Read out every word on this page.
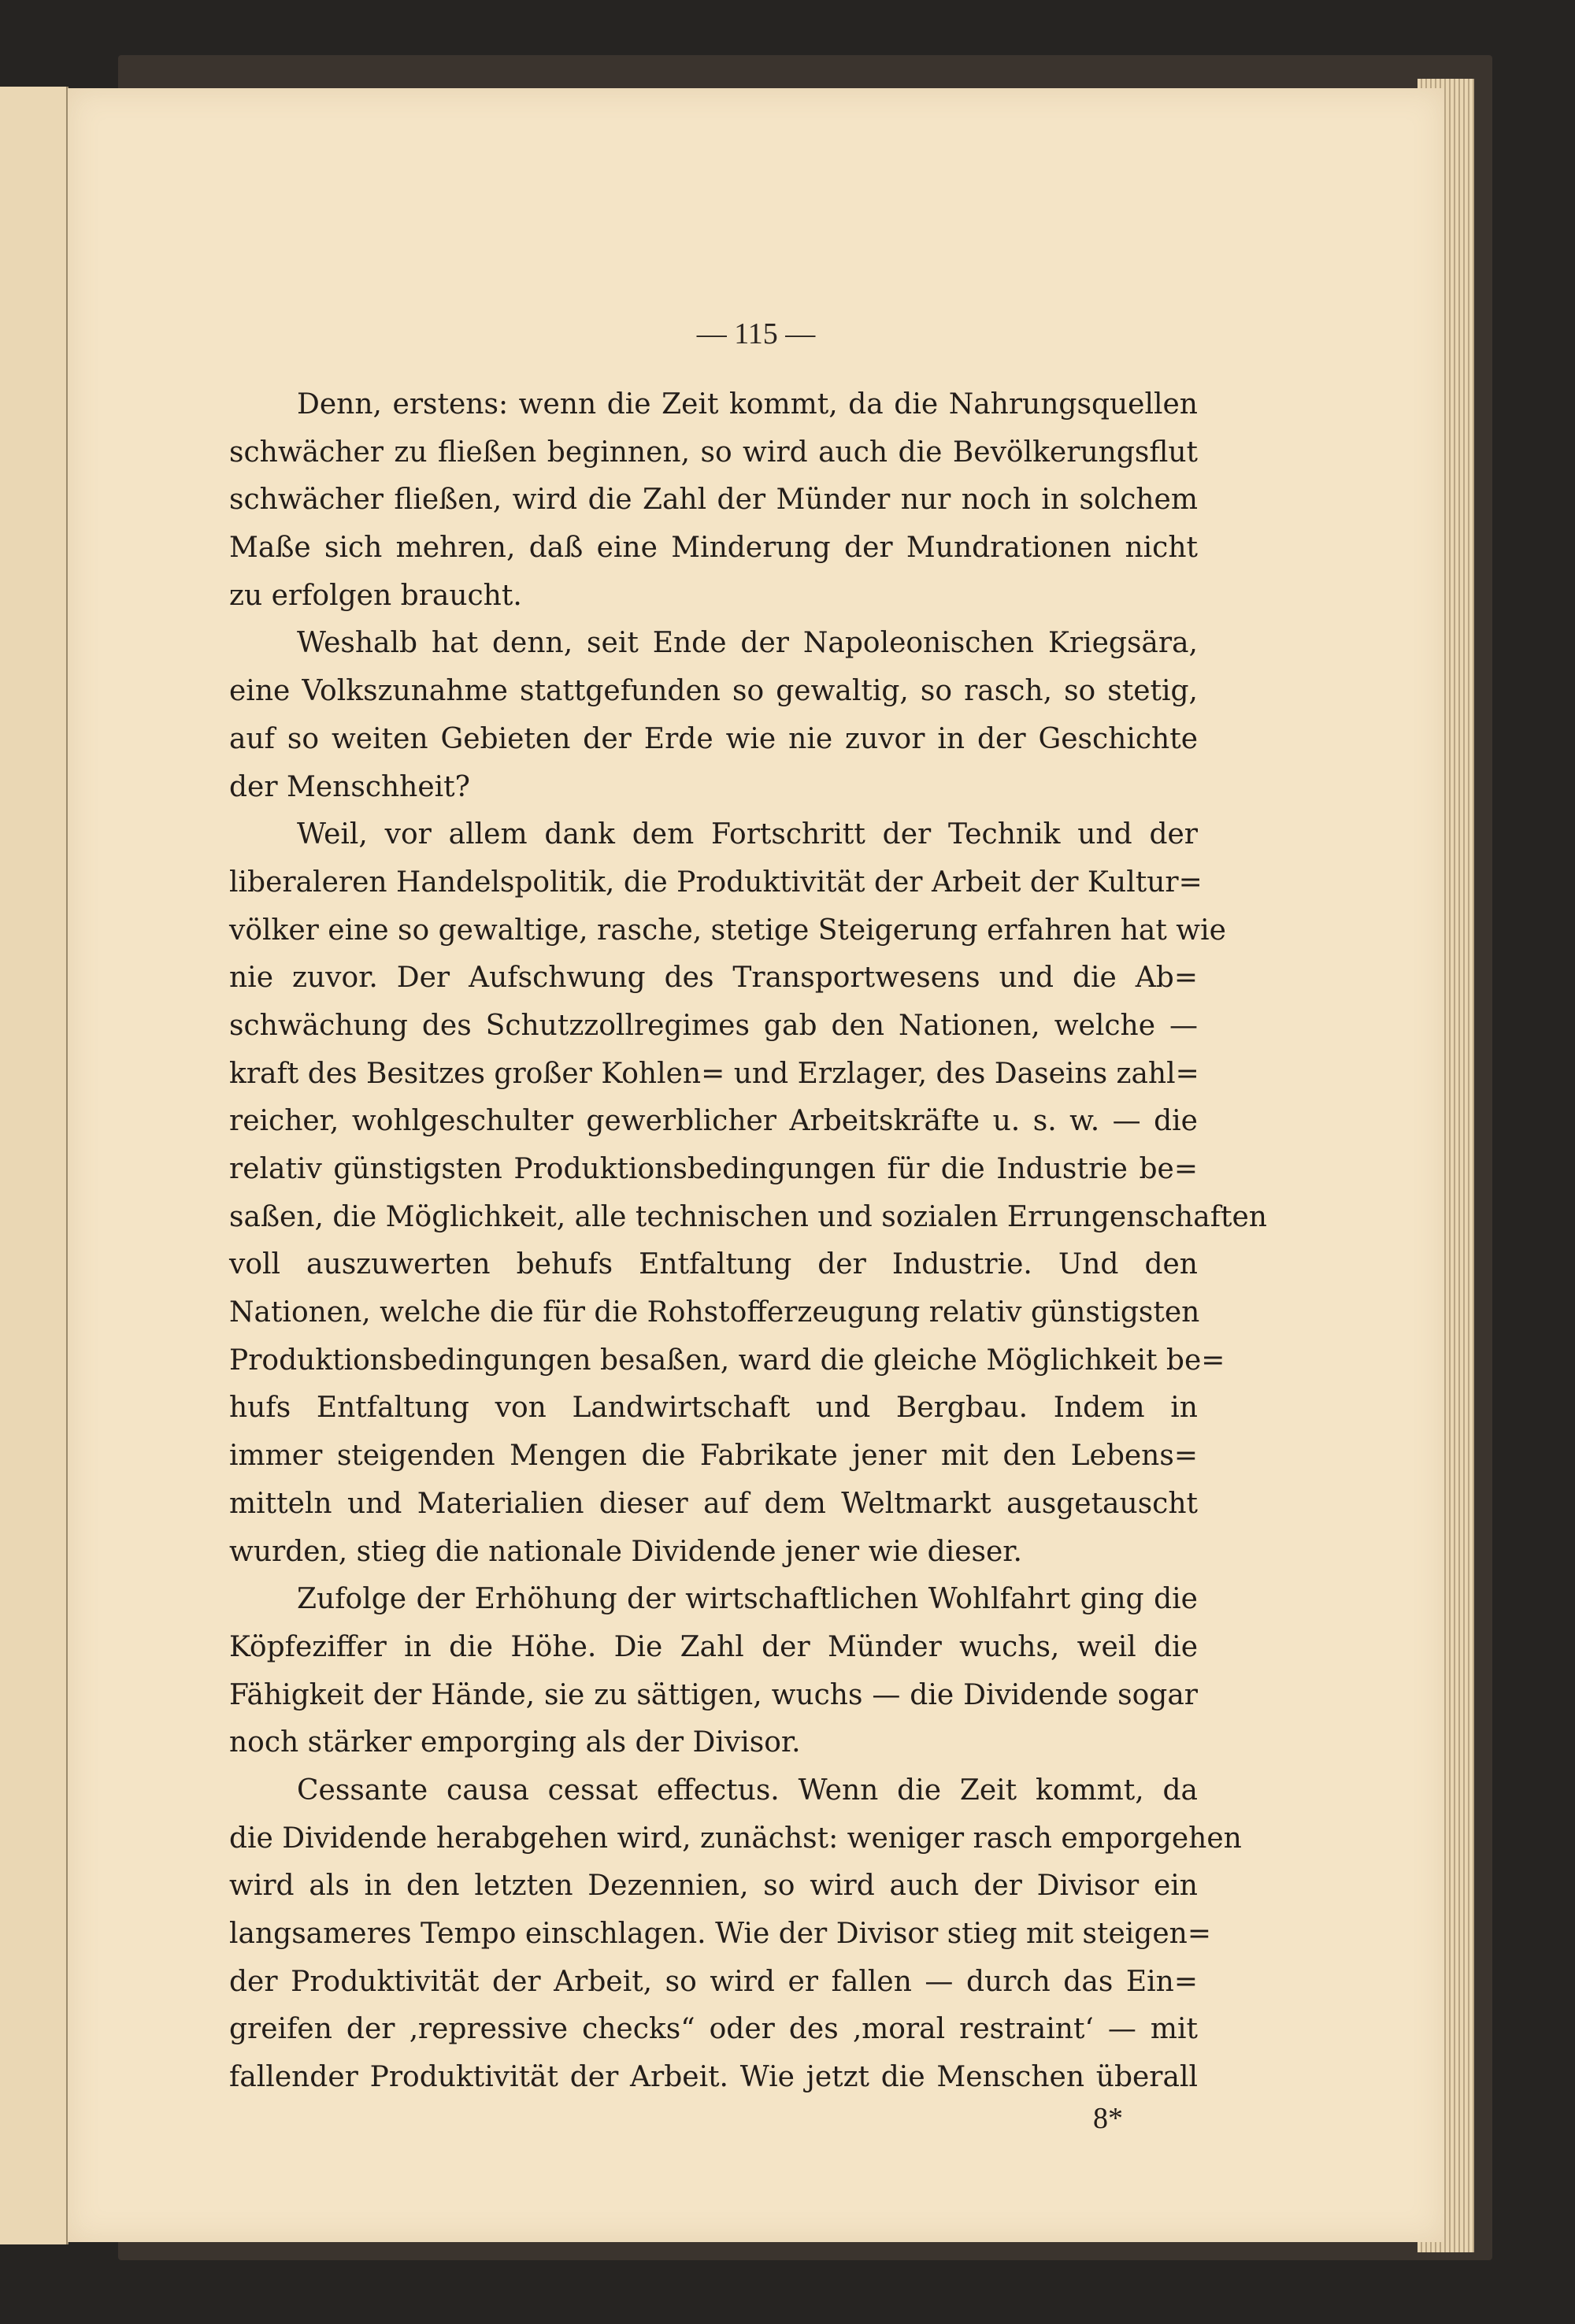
— 115 —
Denn, erstens: wenn die Zeit kommt, da die Nahrungsquellen
schwächer zu fließen beginnen, so wird auch die Bevölkerungsflut
schwächer fließen, wird die Zahl der Münder nur noch in solchem
Maße sich mehren, daß eine Minderung der Mundrationen nicht
zu erfolgen braucht.
Weshalb hat denn, seit Ende der Napoleonischen Kriegsära,
eine Volkszunahme stattgefunden so gewaltig, so rasch, so stetig,
auf so weiten Gebieten der Erde wie nie zuvor in der Geschichte
der Menschheit?
Weil, vor allem dank dem Fortschritt der Technik und der
liberaleren Handelspolitik, die Produktivität der Arbeit der Kultur=
völker eine so gewaltige, rasche, stetige Steigerung erfahren hat wie
nie zuvor. Der Aufschwung des Transportwesens und die Ab=
schwächung des Schutzzollregimes gab den Nationen, welche —
kraft des Besitzes großer Kohlen= und Erzlager, des Daseins zahl=
reicher, wohlgeschulter gewerblicher Arbeitskräfte u. s. w. — die
relativ günstigsten Produktionsbedingungen für die Industrie be=
saßen, die Möglichkeit, alle technischen und sozialen Errungenschaften
voll auszuwerten behufs Entfaltung der Industrie. Und den
Nationen, welche die für die Rohstofferzeugung relativ günstigsten
Produktionsbedingungen besaßen, ward die gleiche Möglichkeit be=
hufs Entfaltung von Landwirtschaft und Bergbau. Indem in
immer steigenden Mengen die Fabrikate jener mit den Lebens=
mitteln und Materialien dieser auf dem Weltmarkt ausgetauscht
wurden, stieg die nationale Dividende jener wie dieser.
Zufolge der Erhöhung der wirtschaftlichen Wohlfahrt ging die
Köpfeziffer in die Höhe. Die Zahl der Münder wuchs, weil die
Fähigkeit der Hände, sie zu sättigen, wuchs — die Dividende sogar
noch stärker emporging als der Divisor.
Cessante causa cessat effectus. Wenn die Zeit kommt, da
die Dividende herabgehen wird, zunächst: weniger rasch emporgehen
wird als in den letzten Dezennien, so wird auch der Divisor ein
langsameres Tempo einschlagen. Wie der Divisor stieg mit steigen=
der Produktivität der Arbeit, so wird er fallen — durch das Ein=
greifen der ‚repressive checks“ oder des ‚moral restraint‘ — mit
fallender Produktivität der Arbeit. Wie jetzt die Menschen überall
8*
